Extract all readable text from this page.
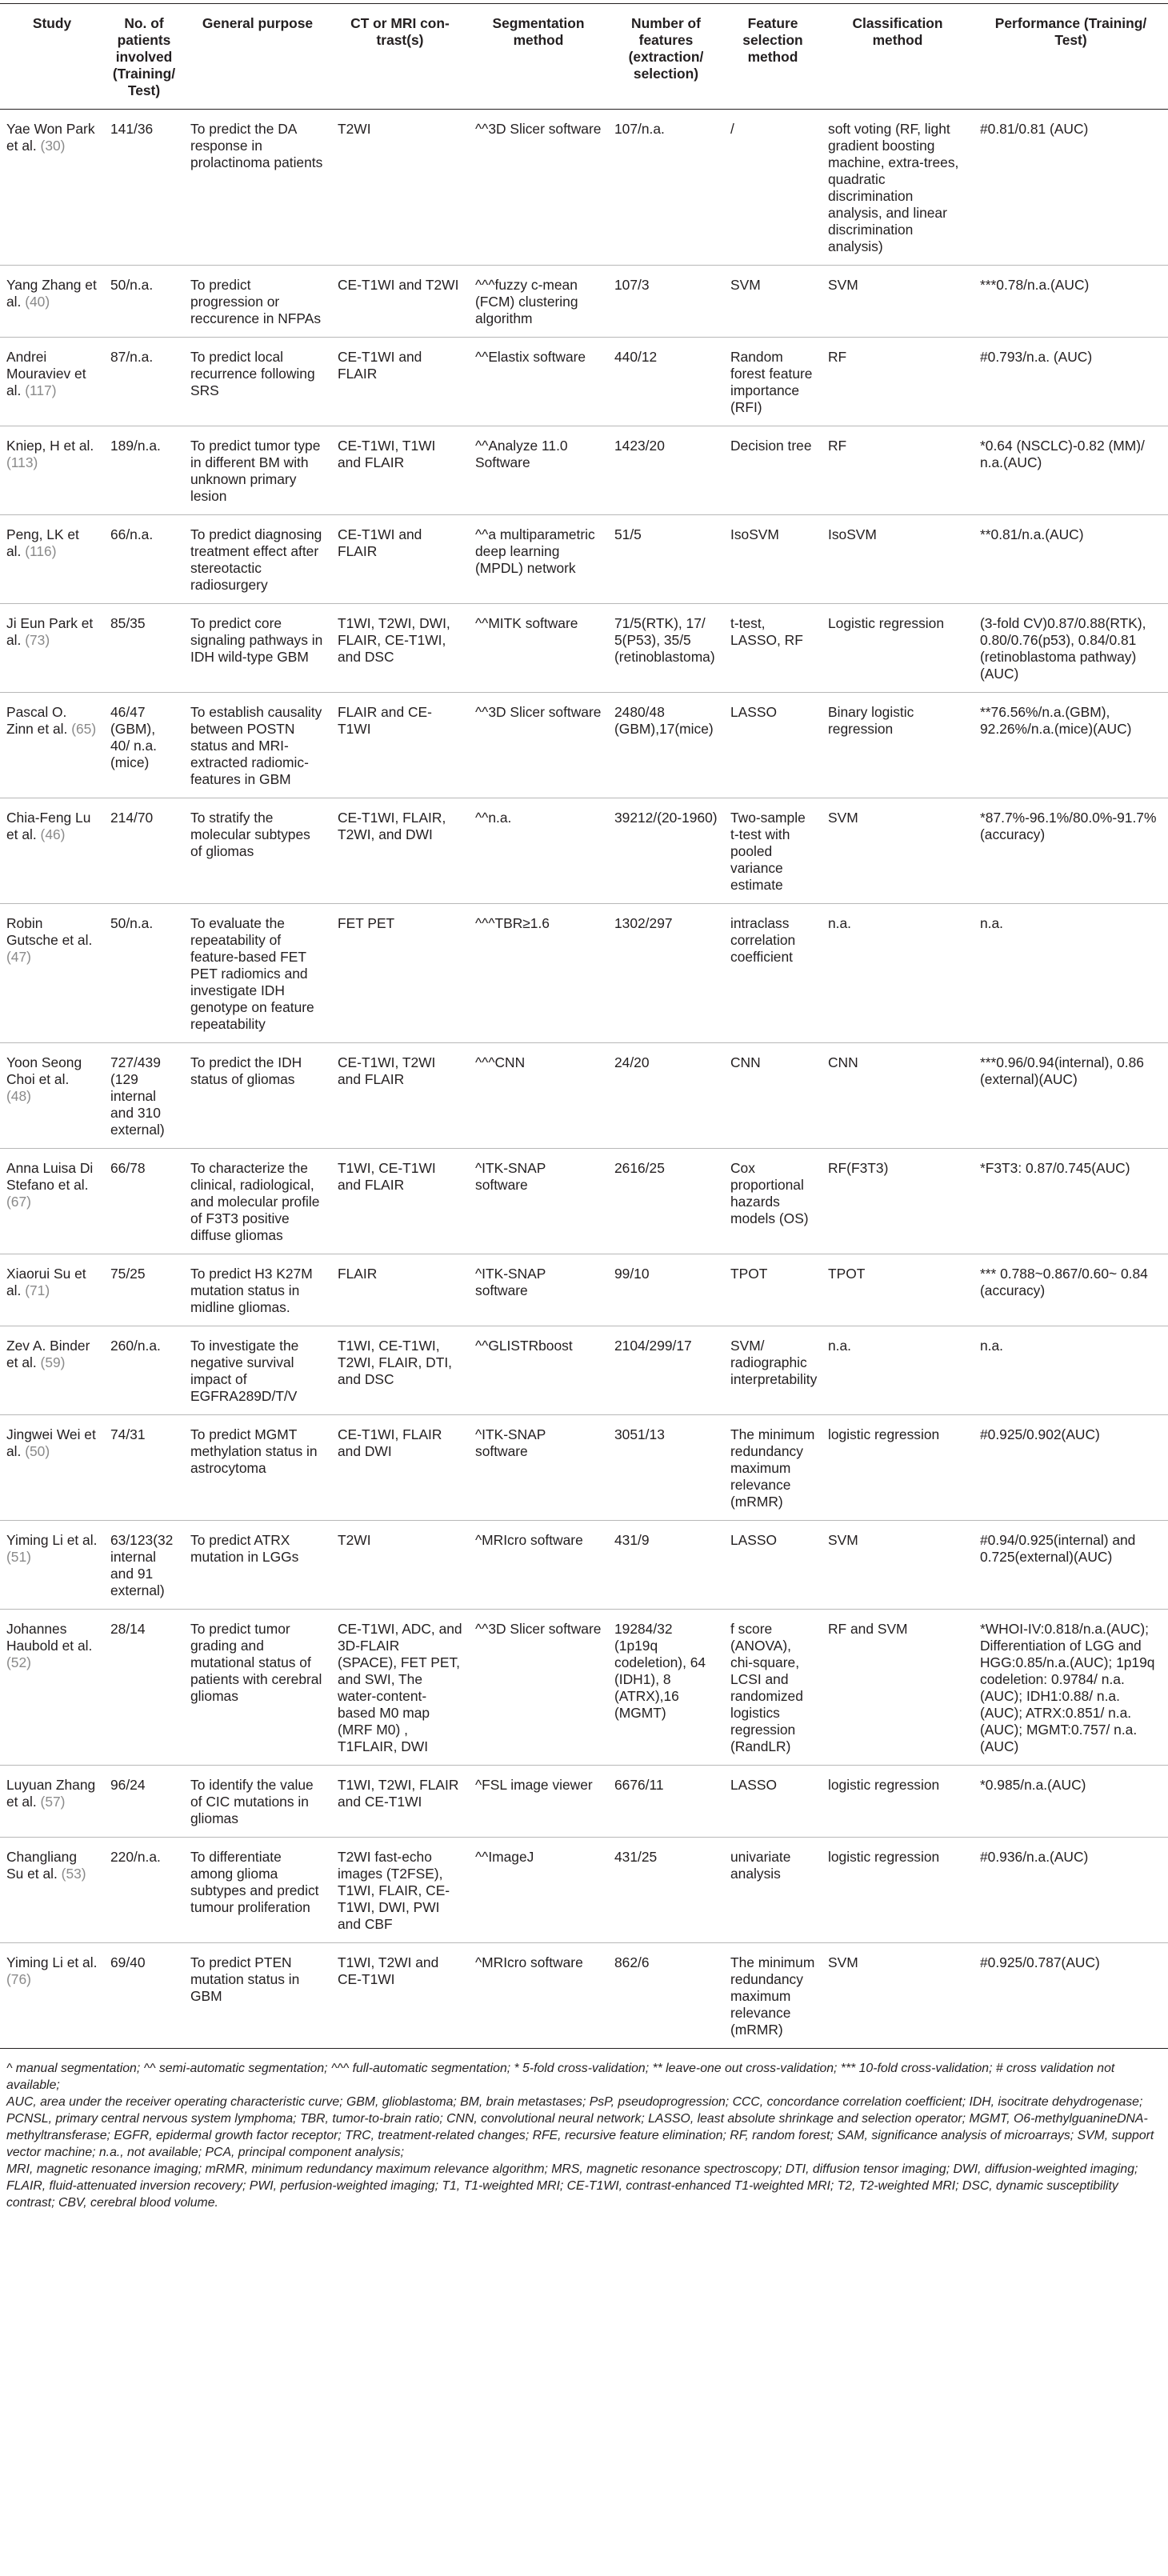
Study	No. of patients involved (Training/ Test)	General purpose	CT or MRI con- trast(s)	Segmentation method	Number of features (extraction/ selection)	Feature selection method	Classification method	Performance (Training/ Test)
Yae Won Park et al. (30)	141/36	To predict the DA response in prolactinoma patients	T2WI	^^3D Slicer software	107/n.a.	/	soft voting (RF, light gradient boosting machine, extra-trees, quadratic discrimination analysis, and linear discrimination analysis)	#0.81/0.81 (AUC)
Yang Zhang et al. (40)	50/n.a.	To predict progression or reccurence in NFPAs	CE-T1WI and T2WI	^^^fuzzy c-mean (FCM) clustering algorithm	107/3	SVM	SVM	***0.78/n.a.(AUC)
Andrei Mouraviev et al. (117)	87/n.a.	To predict local recurrence following SRS	CE-T1WI and FLAIR	^^Elastix software	440/12	Random forest feature importance (RFI)	RF	#0.793/n.a. (AUC)
Kniep, H et al. (113)	189/n.a.	To predict tumor type in different BM with unknown primary lesion	CE-T1WI, T1WI and FLAIR	^^Analyze 11.0 Software	1423/20	Decision tree	RF	*0.64 (NSCLC)-0.82 (MM)/ n.a.(AUC)
Peng, LK et al. (116)	66/n.a.	To predict diagnosing treatment effect after stereotactic radiosurgery	CE-T1WI and FLAIR	^^a multiparametric deep learning (MPDL) network	51/5	IsoSVM	IsoSVM	**0.81/n.a.(AUC)
Ji Eun Park et al. (73)	85/35	To predict core signaling pathways in IDH wild-type GBM	T1WI, T2WI, DWI, FLAIR, CE-T1WI, and DSC	^^MITK software	71/5(RTK), 17/ 5(P53), 35/5 (retinoblastoma)	t-test, LASSO, RF	Logistic regression	(3-fold CV)0.87/0.88(RTK), 0.80/0.76(p53), 0.84/0.81 (retinoblastoma pathway) (AUC)
Pascal O. Zinn et al. (65)	46/47 (GBM), 40/ n.a.(mice)	To establish causality between POSTN status and MRI-extracted radiomic-features in GBM	FLAIR and CE-T1WI	^^3D Slicer software	2480/48 (GBM),17(mice)	LASSO	Binary logistic regression	**76.56%/n.a.(GBM), 92.26%/n.a.(mice)(AUC)
Chia-Feng Lu et al. (46)	214/70	To stratify the molecular subtypes of gliomas	CE-T1WI, FLAIR, T2WI, and DWI	^^n.a.	39212/(20-1960)	Two-sample t-test with pooled variance estimate	SVM	*87.7%-96.1%/80.0%-91.7%(accuracy)
Robin Gutsche et al. (47)	50/n.a.	To evaluate the repeatability of feature-based FET PET radiomics and investigate IDH genotype on feature repeatability	FET PET	^^^TBR≥1.6	1302/297	intraclass correlation coefficient	n.a.	n.a.
Yoon Seong Choi et al. (48)	727/439 (129 internal and 310 external)	To predict the IDH status of gliomas	CE-T1WI, T2WI and FLAIR	^^^CNN	24/20	CNN	CNN	***0.96/0.94(internal), 0.86 (external)(AUC)
Anna Luisa Di Stefano et al. (67)	66/78	To characterize the clinical, radiological, and molecular profile of F3T3 positive diffuse gliomas	T1WI, CE-T1WI and FLAIR	^ITK-SNAP software	2616/25	Cox proportional hazards models (OS)	RF(F3T3)	*F3T3: 0.87/0.745(AUC)
Xiaorui Su et al. (71)	75/25	To predict H3 K27M mutation status in midline gliomas.	FLAIR	^ITK-SNAP software	99/10	TPOT	TPOT	*** 0.788~0.867/0.60~ 0.84 (accuracy)
Zev A. Binder et al. (59)	260/n.a.	To investigate the negative survival impact of EGFRA289D/T/V	T1WI, CE-T1WI, T2WI, FLAIR, DTI, and DSC	^^GLISTRboost	2104/299/17	SVM/ radiographic interpretability	n.a.	n.a.
Jingwei Wei et al. (50)	74/31	To predict MGMT methylation status in astrocytoma	CE-T1WI, FLAIR and DWI	^ITK-SNAP software	3051/13	The minimum redundancy maximum relevance (mRMR)	logistic regression	#0.925/0.902(AUC)
Yiming Li et al. (51)	63/123(32 internal and 91 external)	To predict ATRX mutation in LGGs	T2WI	^MRIcro software	431/9	LASSO	SVM	#0.94/0.925(internal) and 0.725(external)(AUC)
Johannes Haubold et al. (52)	28/14	To predict tumor grading and mutational status of patients with cerebral gliomas	CE-T1WI, ADC, and 3D-FLAIR (SPACE), FET PET, and SWI, The water-content-based M0 map (MRF M0) , T1FLAIR, DWI	^^3D Slicer software	19284/32 (1p19q codeletion), 64 (IDH1), 8 (ATRX),16 (MGMT)	f score (ANOVA), chi-square, LCSI and randomized logistics regression (RandLR)	RF and SVM	*WHOI-IV:0.818/n.a.(AUC); Differentiation of LGG and HGG:0.85/n.a.(AUC); 1p19q codeletion: 0.9784/ n.a.(AUC); IDH1:0.88/ n.a.(AUC); ATRX:0.851/ n.a.(AUC); MGMT:0.757/ n.a.(AUC)
Luyuan Zhang et al. (57)	96/24	To identify the value of CIC mutations in gliomas	T1WI, T2WI, FLAIR and CE-T1WI	^FSL image viewer	6676/11	LASSO	logistic regression	*0.985/n.a.(AUC)
Changliang Su et al. (53)	220/n.a.	To differentiate among glioma subtypes and predict tumour proliferation	T2WI fast-echo images (T2FSE), T1WI, FLAIR, CE-T1WI, DWI, PWI and CBF	^^ImageJ	431/25	univariate analysis	logistic regression	#0.936/n.a.(AUC)
Yiming Li et al. (76)	69/40	To predict PTEN mutation status in GBM	T1WI, T2WI and CE-T1WI	^MRIcro software	862/6	The minimum redundancy maximum relevance (mRMR)	SVM	#0.925/0.787(AUC)

^ manual segmentation; ^^ semi-automatic segmentation; ^^^ full-automatic segmentation; * 5-fold cross-validation; ** leave-one out cross-validation; *** 10-fold cross-validation; # cross validation not available;

AUC, area under the receiver operating characteristic curve; GBM, glioblastoma; BM, brain metastases; PsP, pseudoprogression; CCC, concordance correlation coefficient; IDH, isocitrate dehydrogenase; PCNSL, primary central nervous system lymphoma; TBR, tumor-to-brain ratio; CNN, convolutional neural network; LASSO, least absolute shrinkage and selection operator; MGMT, O6-methylguanineDNA-methyltransferase; EGFR, epidermal growth factor receptor; TRC, treatment-related changes; RFE, recursive feature elimination; RF, random forest; SAM, significance analysis of microarrays; SVM, support vector machine; n.a., not available; PCA, principal component analysis;

MRI, magnetic resonance imaging; mRMR, minimum redundancy maximum relevance algorithm; MRS, magnetic resonance spectroscopy; DTI, diffusion tensor imaging; DWI, diffusion-weighted imaging; FLAIR, fluid-attenuated inversion recovery; PWI, perfusion-weighted imaging; T1, T1-weighted MRI; CE-T1WI, contrast-enhanced T1-weighted MRI; T2, T2-weighted MRI; DSC, dynamic susceptibility contrast; CBV, cerebral blood volume.
